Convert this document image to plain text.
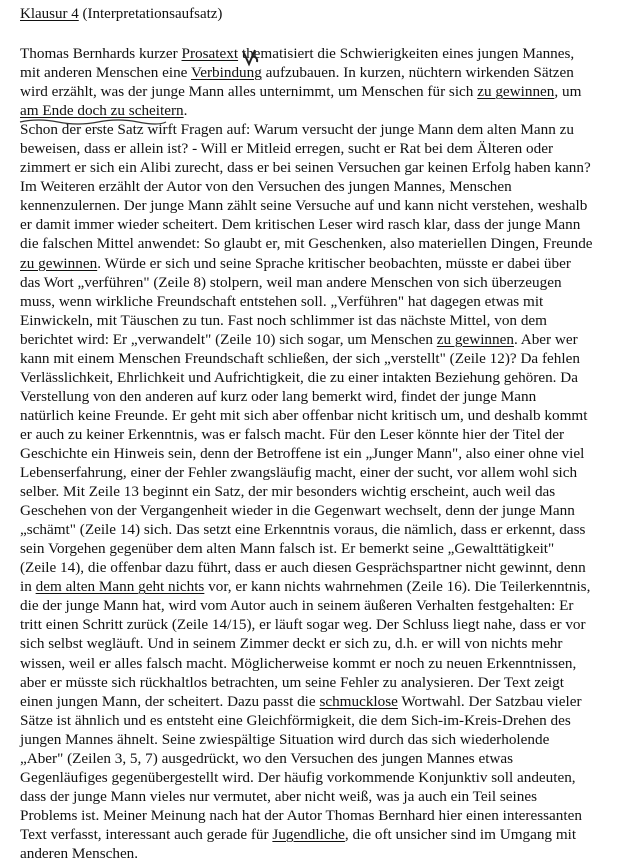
Klausur 4 (Interpretationsaufsatz)
Thomas Bernhards kurzer Prosatext thematisiert die Schwierigkeiten eines jungen Mannes,
mit anderen Menschen eine Verbindung aufzubauen. In kurzen, nüchtern wirkenden Sätzen
wird erzählt, was der junge Mann alles unternimmt, um Menschen für sich zu gewinnen, um
am Ende doch zu scheitern.
Schon der erste Satz wirft Fragen auf: Warum versucht der junge Mann dem alten Mann zu
beweisen, dass er allein ist? - Will er Mitleid erregen, sucht er Rat bei dem Älteren oder
zimmert er sich ein Alibi zurecht, dass er bei seinen Versuchen gar keinen Erfolg haben kann?
Im Weiteren erzählt der Autor von den Versuchen des jungen Mannes, Menschen
kennenzulernen. Der junge Mann zählt seine Versuche auf und kann nicht verstehen, weshalb
er damit immer wieder scheitert. Dem kritischen Leser wird rasch klar, dass der junge Mann
die falschen Mittel anwendet: So glaubt er, mit Geschenken, also materiellen Dingen, Freunde
zu gewinnen. Würde er sich und seine Sprache kritischer beobachten, müsste er dabei über
das Wort „verführen" (Zeile 8) stolpern, weil man andere Menschen von sich überzeugen
muss, wenn wirkliche Freundschaft entstehen soll. „Verführen" hat dagegen etwas mit
Einwickeln, mit Täuschen zu tun. Fast noch schlimmer ist das nächste Mittel, von dem
berichtet wird: Er „verwandelt" (Zeile 10) sich sogar, um Menschen zu gewinnen. Aber wer
kann mit einem Menschen Freundschaft schließen, der sich „verstellt" (Zeile 12)? Da fehlen
Verlässlichkeit, Ehrlichkeit und Aufrichtigkeit, die zu einer intakten Beziehung gehören. Da
Verstellung von den anderen auf kurz oder lang bemerkt wird, findet der junge Mann
natürlich keine Freunde. Er geht mit sich aber offenbar nicht kritisch um, und deshalb kommt
er auch zu keiner Erkenntnis, was er falsch macht. Für den Leser könnte hier der Titel der
Geschichte ein Hinweis sein, denn der Betroffene ist ein „Junger Mann", also einer ohne viel
Lebenserfahrung, einer der Fehler zwangsläufig macht, einer der sucht, vor allem wohl sich
selber. Mit Zeile 13 beginnt ein Satz, der mir besonders wichtig erscheint, auch weil das
Geschehen von der Vergangenheit wieder in die Gegenwart wechselt, denn der junge Mann
„schämt" (Zeile 14) sich. Das setzt eine Erkenntnis voraus, die nämlich, dass er erkennt, dass
sein Vorgehen gegenüber dem alten Mann falsch ist. Er bemerkt seine „Gewalttätigkeit"
(Zeile 14), die offenbar dazu führt, dass er auch diesen Gesprächspartner nicht gewinnt, denn
in dem alten Mann geht nichts vor, er kann nichts wahrnehmen (Zeile 16). Die Teilerkenntnis,
die der junge Mann hat, wird vom Autor auch in seinem äußeren Verhalten festgehalten: Er
tritt einen Schritt zurück (Zeile 14/15), er läuft sogar weg. Der Schluss liegt nahe, dass er vor
sich selbst wegläuft. Und in seinem Zimmer deckt er sich zu, d.h. er will von nichts mehr
wissen, weil er alles falsch macht. Möglicherweise kommt er noch zu neuen Erkenntnissen,
aber er müsste sich rückhaltlos betrachten, um seine Fehler zu analysieren. Der Text zeigt
einen jungen Mann, der scheitert. Dazu passt die schmucklose Wortwahl. Der Satzbau vieler
Sätze ist ähnlich und es entsteht eine Gleichförmigkeit, die dem Sich-im-Kreis-Drehen des
jungen Mannes ähnelt. Seine zwiespältige Situation wird durch das sich wiederholende
„Aber" (Zeilen 3, 5, 7) ausgedrückt, wo den Versuchen des jungen Mannes etwas
Gegenläufiges gegenübergestellt wird. Der häufig vorkommende Konjunktiv soll andeuten,
dass der junge Mann vieles nur vermutet, aber nicht weiß, was ja auch ein Teil seines
Problems ist. Meiner Meinung nach hat der Autor Thomas Bernhard hier einen interessanten
Text verfasst, interessant auch gerade für Jugendliche, die oft unsicher sind im Umgang mit
anderen Menschen.
